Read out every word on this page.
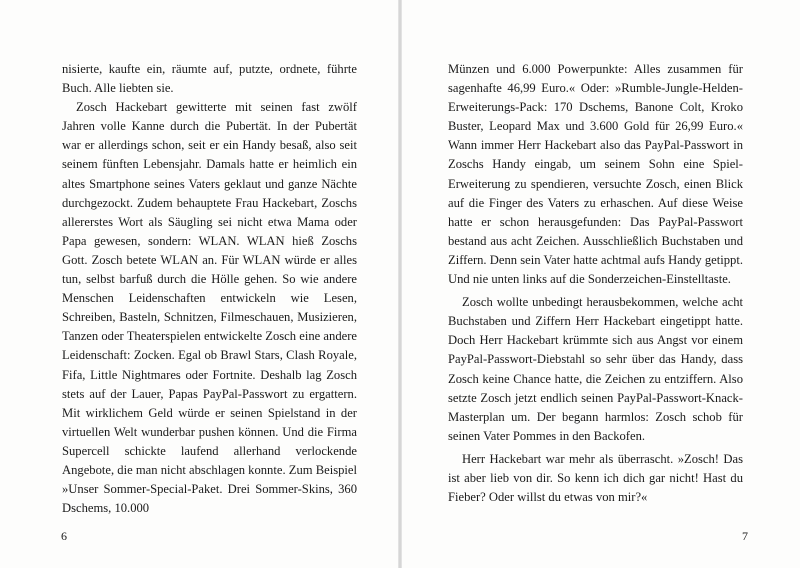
nisierte, kaufte ein, räumte auf, putzte, ordnete, führte Buch. Alle liebten sie.

Zosch Hackebart gewitterte mit seinen fast zwölf Jahren volle Kanne durch die Pubertät. In der Pubertät war er allerdings schon, seit er ein Handy besaß, also seit seinem fünften Lebensjahr. Damals hatte er heimlich ein altes Smartphone seines Vaters geklaut und ganze Nächte durchgezockt. Zudem behauptete Frau Hackebart, Zoschs allererstes Wort als Säugling sei nicht etwa Mama oder Papa gewesen, sondern: WLAN. WLAN hieß Zoschs Gott. Zosch betete WLAN an. Für WLAN würde er alles tun, selbst barfuß durch die Hölle gehen. So wie andere Menschen Leidenschaften entwickeln wie Lesen, Schreiben, Basteln, Schnitzen, Filmeschauen, Musizieren, Tanzen oder Theaterspielen entwickelte Zosch eine andere Leidenschaft: Zocken. Egal ob Brawl Stars, Clash Royale, Fifa, Little Nightmares oder Fortnite. Deshalb lag Zosch stets auf der Lauer, Papas PayPal-Passwort zu ergattern. Mit wirklichem Geld würde er seinen Spielstand in der virtuellen Welt wunderbar pushen können. Und die Firma Supercell schickte laufend allerhand verlockende Angebote, die man nicht abschlagen konnte. Zum Beispiel »Unser Sommer-Special-Paket. Drei Sommer-Skins, 360 Dschems, 10.000

6

Münzen und 6.000 Powerpunkte: Alles zusammen für sagenhafte 46,99 Euro.« Oder: »Rumble-Jungle-Helden-Erweiterungs-Pack: 170 Dschems, Banone Colt, Kroko Buster, Leopard Max und 3.600 Gold für 26,99 Euro.« Wann immer Herr Hackebart also das PayPal-Passwort in Zoschs Handy eingab, um seinem Sohn eine Spiel-Erweiterung zu spendieren, versuchte Zosch, einen Blick auf die Finger des Vaters zu erhaschen. Auf diese Weise hatte er schon herausgefunden: Das PayPal-Passwort bestand aus acht Zeichen. Ausschließlich Buchstaben und Ziffern. Denn sein Vater hatte achtmal aufs Handy getippt. Und nie unten links auf die Sonderzeichen-Einstelltaste.

Zosch wollte unbedingt herausbekommen, welche acht Buchstaben und Ziffern Herr Hackebart eingetippt hatte. Doch Herr Hackebart krümmte sich aus Angst vor einem PayPal-Passwort-Diebstahl so sehr über das Handy, dass Zosch keine Chance hatte, die Zeichen zu entziffern. Also setzte Zosch jetzt endlich seinen PayPal-Passwort-Knack-Masterplan um. Der begann harmlos: Zosch schob für seinen Vater Pommes in den Backofen.

Herr Hackebart war mehr als überrascht. »Zosch! Das ist aber lieb von dir. So kenn ich dich gar nicht! Hast du Fieber? Oder willst du etwas von mir?«

7
